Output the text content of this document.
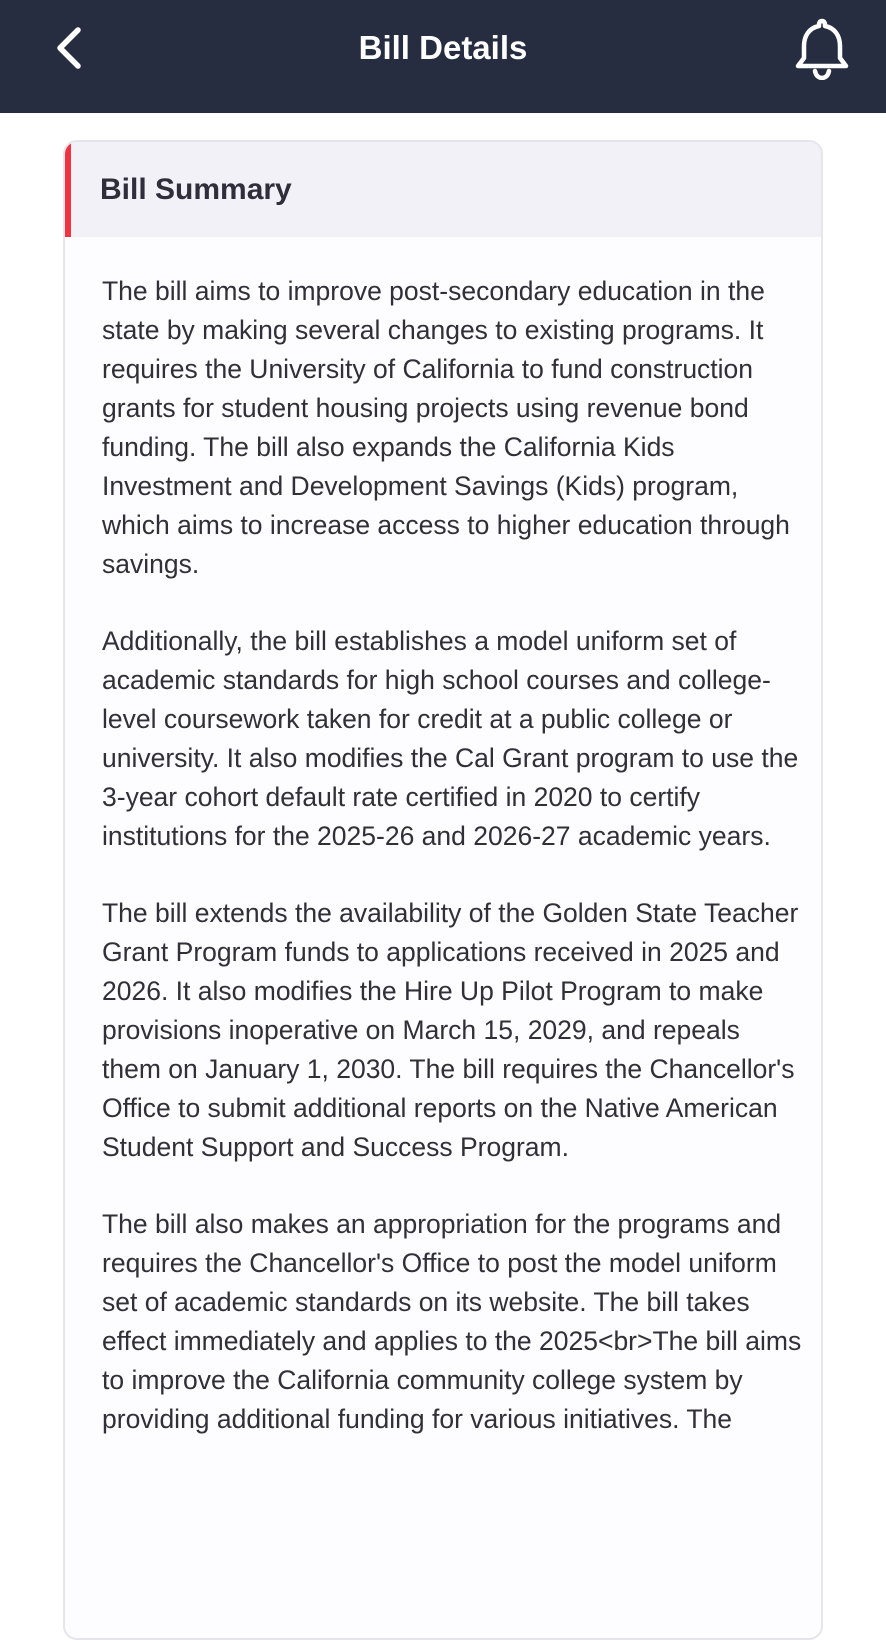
Bill Details
Bill Summary

The bill aims to improve post-secondary education in the state by making several changes to existing programs. It requires the University of California to fund construction grants for student housing projects using revenue bond funding. The bill also expands the California Kids Investment and Development Savings (Kids) program, which aims to increase access to higher education through savings.

Additionally, the bill establishes a model uniform set of academic standards for high school courses and college-level coursework taken for credit at a public college or university. It also modifies the Cal Grant program to use the 3-year cohort default rate certified in 2020 to certify institutions for the 2025-26 and 2026-27 academic years.

The bill extends the availability of the Golden State Teacher Grant Program funds to applications received in 2025 and 2026. It also modifies the Hire Up Pilot Program to make provisions inoperative on March 15, 2029, and repeals them on January 1, 2030. The bill requires the Chancellor's Office to submit additional reports on the Native American Student Support and Success Program.

The bill also makes an appropriation for the programs and requires the Chancellor's Office to post the model uniform set of academic standards on its website. The bill takes effect immediately and applies to the 2025<br>The bill aims to improve the California community college system by providing additional funding for various initiatives. The
